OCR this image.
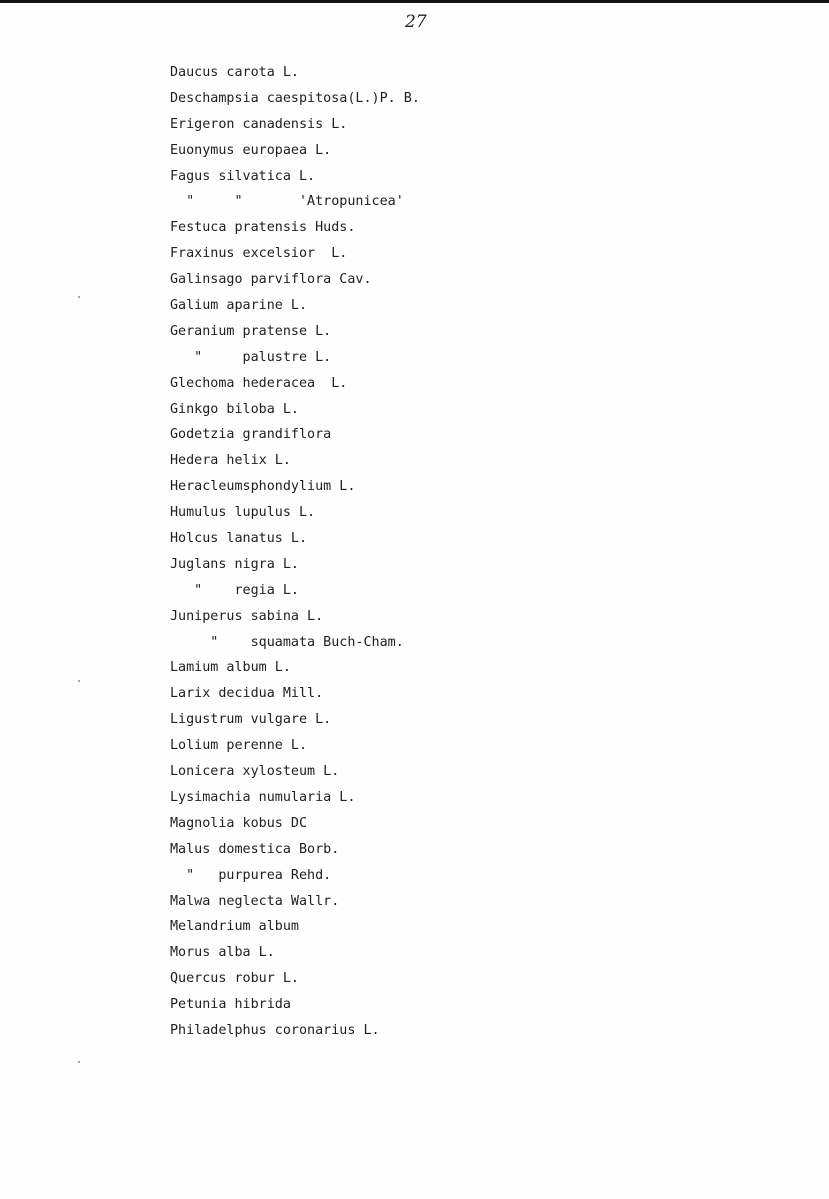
27
Daucus carota L.
Deschampsia caespitosa(L.)P. B.
Erigeron canadensis L.
Euonymus europaea L.
Fagus silvatica L.
"     "       'Atropunicea'
Festuca pratensis Huds.
Fraxinus excelsior  L.
Galinsago parviflora Cav.
Galium aparine L.
Geranium pratense L.
"     palustre L.
Glechoma hederacea  L.
Ginkgo biloba L.
Godetzia grandiflora
Hedera helix L.
Heracleumsphondylium L.
Humulus lupulus L.
Holcus lanatus L.
Juglans nigra L.
"    regia L.
Juniperus sabina L.
"    squamata Buch-Cham.
Lamium album L.
Larix decidua Mill.
Ligustrum vulgare L.
Lolium perenne L.
Lonicera xylosteum L.
Lysimachia numularia L.
Magnolia kobus DC
Malus domestica Borb.
"   purpurea Rehd.
Malwa neglecta Wallr.
Melandrium album
Morus alba L.
Quercus robur L.
Petunia hibrida
Philadelphus coronarius L.
